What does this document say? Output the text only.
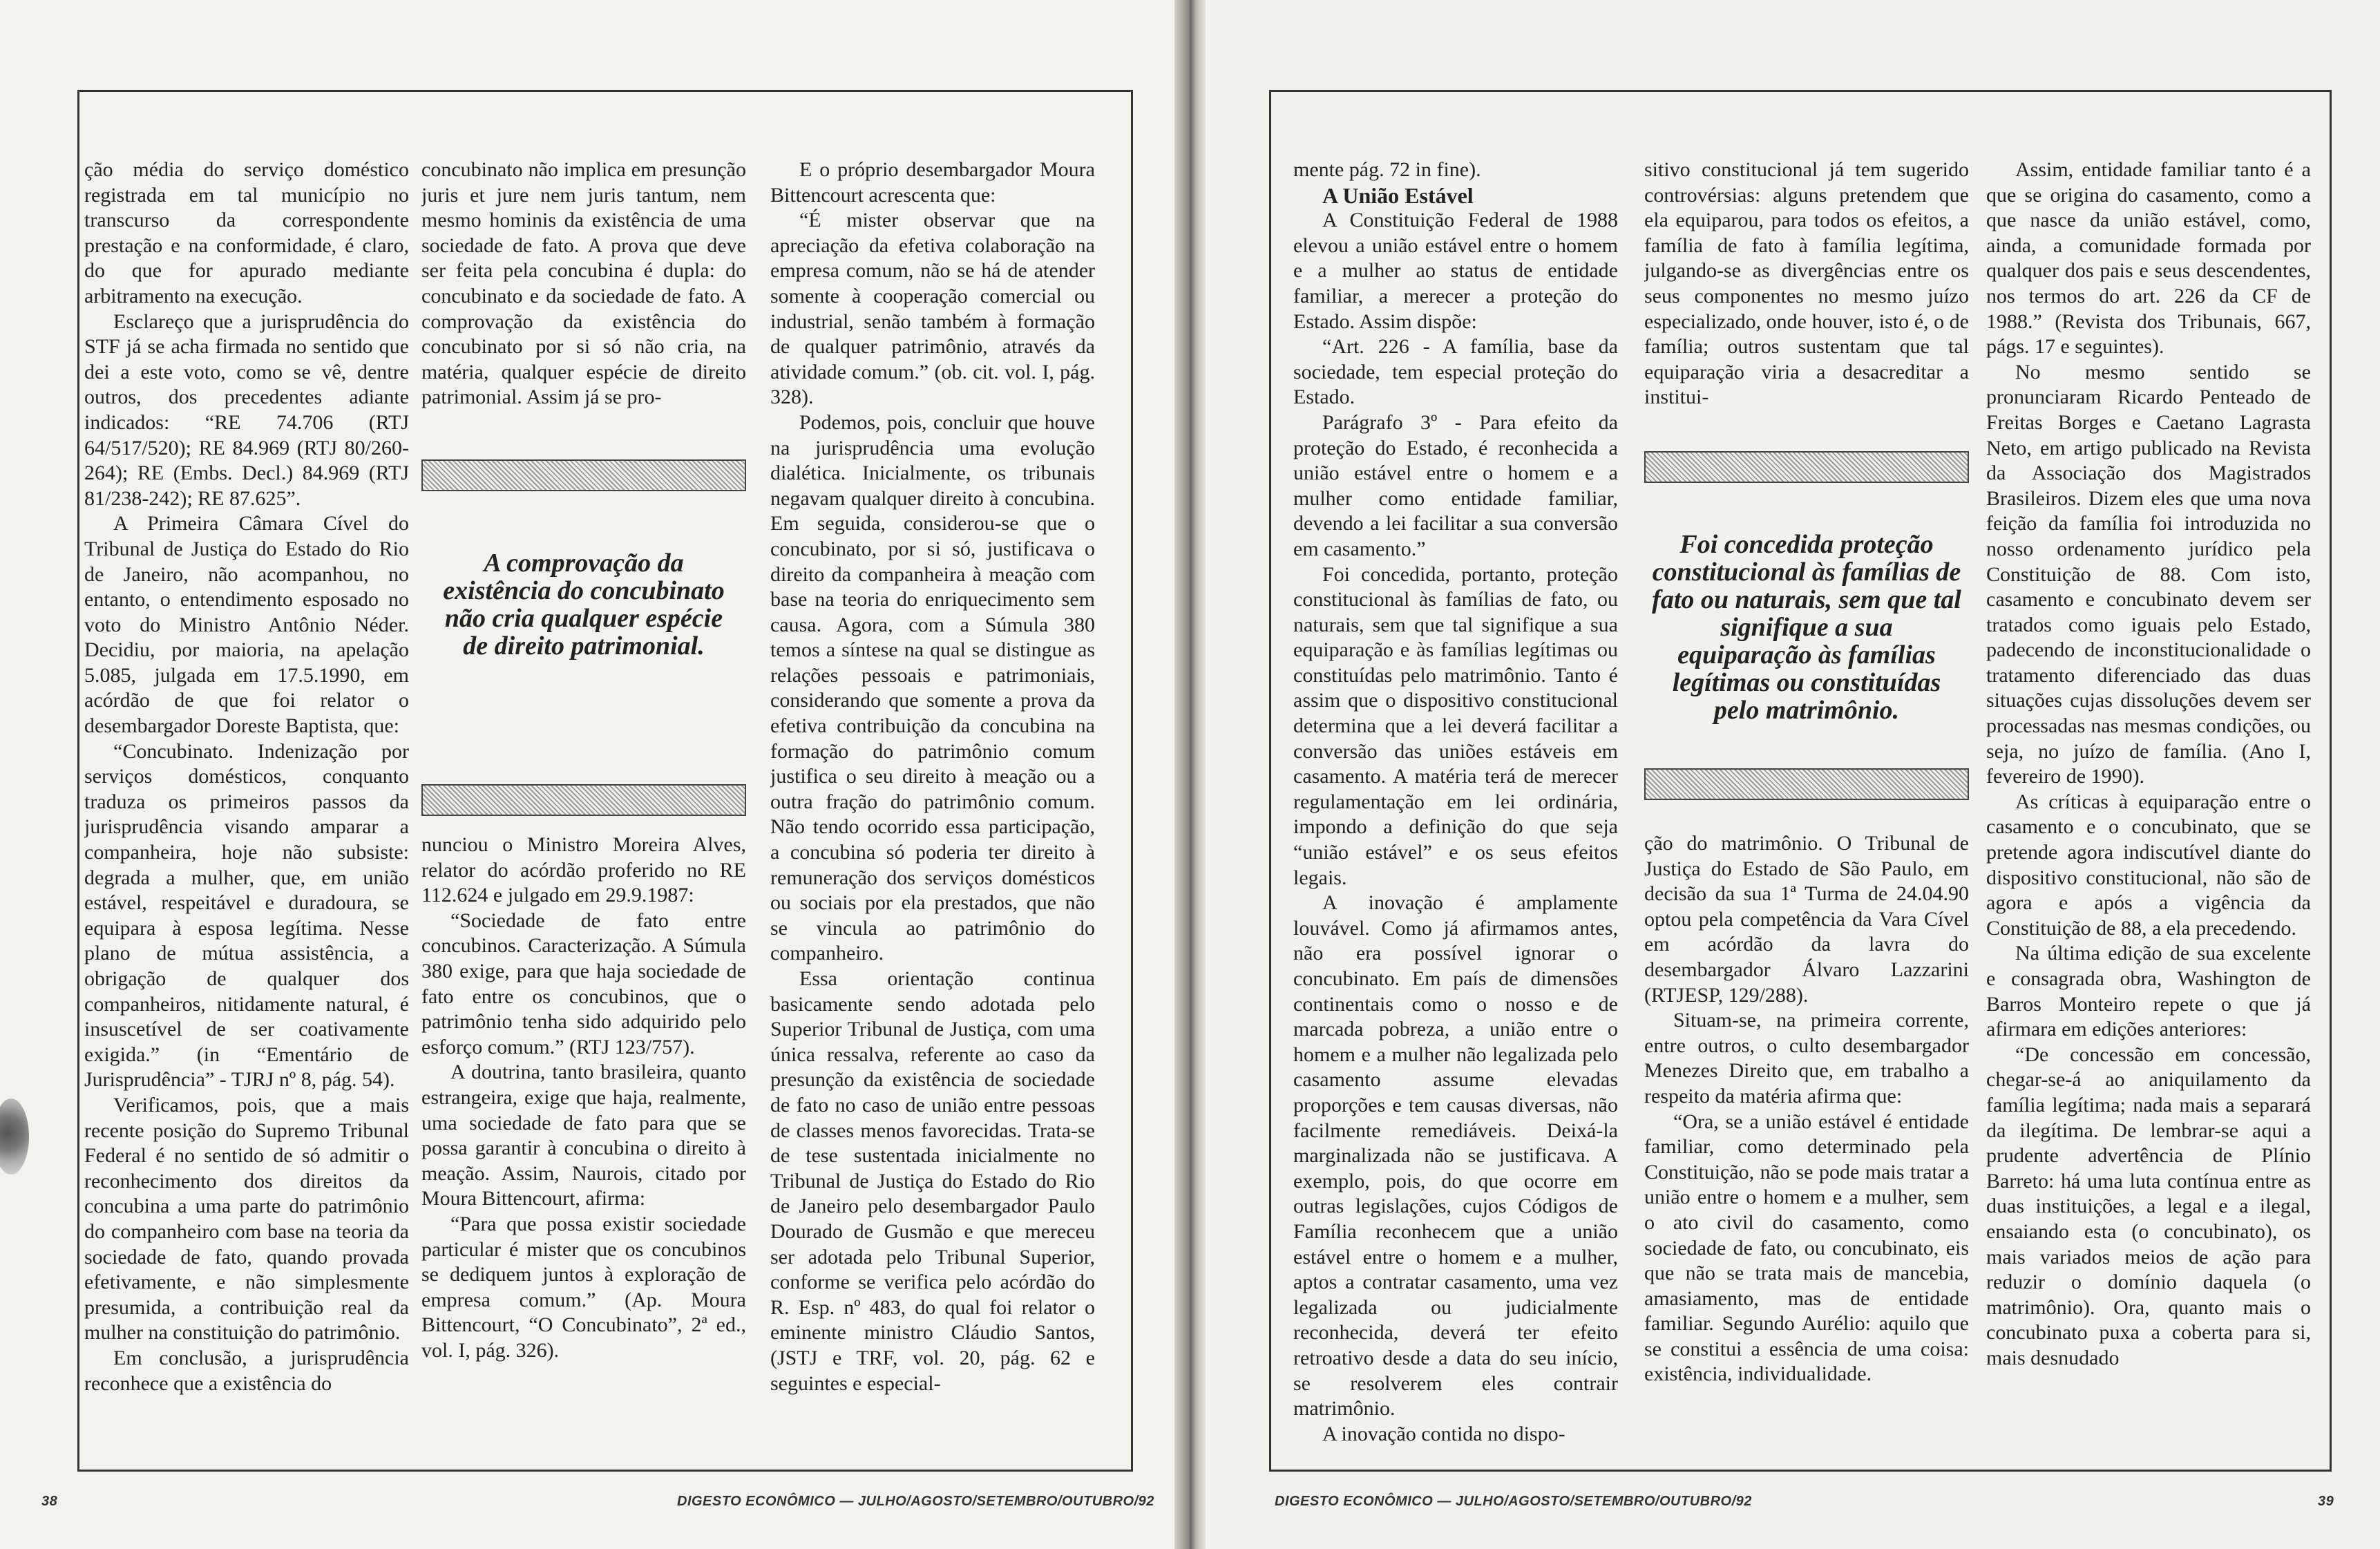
ção média do serviço doméstico registrada em tal município no transcurso da correspondente prestação e na conformidade, é claro, do que for apurado mediante arbitramento na execução.

Esclareço que a jurisprudência do STF já se acha firmada no sentido que dei a este voto, como se vê, dentre outros, dos precedentes adiante indicados: “RE 74.706 (RTJ 64/517/520); RE 84.969 (RTJ 80/260-264); RE (Embs. Decl.) 84.969 (RTJ 81/238-242); RE 87.625”.

A Primeira Câmara Cível do Tribunal de Justiça do Estado do Rio de Janeiro, não acompanhou, no entanto, o entendimento esposado no voto do Ministro Antônio Néder. Decidiu, por maioria, na apelação 5.085, julgada em 17.5.1990, em acórdão de que foi relator o desembargador Doreste Baptista, que:

“Concubinato. Indenização por serviços domésticos, conquanto traduza os primeiros passos da jurisprudência visando amparar a companheira, hoje não subsiste: degrada a mulher, que, em união estável, respeitável e duradoura, se equipara à esposa legítima. Nesse plano de mútua assistência, a obrigação de qualquer dos companheiros, nitidamente natural, é insuscetível de ser coativamente exigida.” (in “Ementário de Jurisprudência” - TJRJ nº 8, pág. 54).

Verificamos, pois, que a mais recente posição do Supremo Tribunal Federal é no sentido de só admitir o reconhecimento dos direitos da concubina a uma parte do patrimônio do companheiro com base na teoria da sociedade de fato, quando provada efetivamente, e não simplesmente presumida, a contribuição real da mulher na constituição do patrimônio.

Em conclusão, a jurisprudência reconhece que a existência do

concubinato não implica em presunção juris et jure nem juris tantum, nem mesmo hominis da existência de uma sociedade de fato. A prova que deve ser feita pela concubina é dupla: do concubinato e da sociedade de fato. A comprovação da existência do concubinato por si só não cria, na matéria, qualquer espécie de direito patrimonial. Assim já se pro-

A comprovação da existência do concubinato não cria qualquer espécie de direito patrimonial.

nunciou o Ministro Moreira Alves, relator do acórdão proferido no RE 112.624 e julgado em 29.9.1987:

“Sociedade de fato entre concubinos. Caracterização. A Súmula 380 exige, para que haja sociedade de fato entre os concubinos, que o patrimônio tenha sido adquirido pelo esforço comum.” (RTJ 123/757).

A doutrina, tanto brasileira, quanto estrangeira, exige que haja, realmente, uma sociedade de fato para que se possa garantir à concubina o direito à meação. Assim, Naurois, citado por Moura Bittencourt, afirma:

“Para que possa existir sociedade particular é mister que os concubinos se dediquem juntos à exploração de empresa comum.” (Ap. Moura Bittencourt, “O Concubinato”, 2ª ed., vol. I, pág. 326).

E o próprio desembargador Moura Bittencourt acrescenta que:

“É mister observar que na apreciação da efetiva colaboração na empresa comum, não se há de atender somente à cooperação comercial ou industrial, senão também à formação de qualquer patrimônio, através da atividade comum.” (ob. cit. vol. I, pág. 328).

Podemos, pois, concluir que houve na jurisprudência uma evolução dialética. Inicialmente, os tribunais negavam qualquer direito à concubina. Em seguida, considerou-se que o concubinato, por si só, justificava o direito da companheira à meação com base na teoria do enriquecimento sem causa. Agora, com a Súmula 380 temos a síntese na qual se distingue as relações pessoais e patrimoniais, considerando que somente a prova da efetiva contribuição da concubina na formação do patrimônio comum justifica o seu direito à meação ou a outra fração do patrimônio comum. Não tendo ocorrido essa participação, a concubina só poderia ter direito à remuneração dos serviços domésticos ou sociais por ela prestados, que não se vincula ao patrimônio do companheiro.

Essa orientação continua basicamente sendo adotada pelo Superior Tribunal de Justiça, com uma única ressalva, referente ao caso da presunção da existência de sociedade de fato no caso de união entre pessoas de classes menos favorecidas. Trata-se de tese sustentada inicialmente no Tribunal de Justiça do Estado do Rio de Janeiro pelo desembargador Paulo Dourado de Gusmão e que mereceu ser adotada pelo Tribunal Superior, conforme se verifica pelo acórdão do R. Esp. nº 483, do qual foi relator o eminente ministro Cláudio Santos, (JSTJ e TRF, vol. 20, pág. 62 e seguintes e especial-

38	DIGESTO ECONÔMICO — JULHO/AGOSTO/SETEMBRO/OUTUBRO/92

mente pág. 72 in fine).

A União Estável

A Constituição Federal de 1988 elevou a união estável entre o homem e a mulher ao status de entidade familiar, a merecer a proteção do Estado. Assim dispõe:

“Art. 226 - A família, base da sociedade, tem especial proteção do Estado.

Parágrafo 3º - Para efeito da proteção do Estado, é reconhecida a união estável entre o homem e a mulher como entidade familiar, devendo a lei facilitar a sua conversão em casamento.”

Foi concedida, portanto, proteção constitucional às famílias de fato, ou naturais, sem que tal signifique a sua equiparação e às famílias legítimas ou constituídas pelo matrimônio. Tanto é assim que o dispositivo constitucional determina que a lei deverá facilitar a conversão das uniões estáveis em casamento. A matéria terá de merecer regulamentação em lei ordinária, impondo a definição do que seja “união estável” e os seus efeitos legais.

A inovação é amplamente louvável. Como já afirmamos antes, não era possível ignorar o concubinato. Em país de dimensões continentais como o nosso e de marcada pobreza, a união entre o homem e a mulher não legalizada pelo casamento assume elevadas proporções e tem causas diversas, não facilmente remediáveis. Deixá-la marginalizada não se justificava. A exemplo, pois, do que ocorre em outras legislações, cujos Códigos de Família reconhecem que a união estável entre o homem e a mulher, aptos a contratar casamento, uma vez legalizada ou judicialmente reconhecida, deverá ter efeito retroativo desde a data do seu início, se resolverem eles contrair matrimônio.

A inovação contida no dispo-

sitivo constitucional já tem sugerido controvérsias: alguns pretendem que ela equiparou, para todos os efeitos, a família de fato à família legítima, julgando-se as divergências entre os seus componentes no mesmo juízo especializado, onde houver, isto é, o de família; outros sustentam que tal equiparação viria a desacreditar a institui-

Foi concedida proteção constitucional às famílias de fato ou naturais, sem que tal signifique a sua equiparação às famílias legítimas ou constituídas pelo matrimônio.

ção do matrimônio. O Tribunal de Justiça do Estado de São Paulo, em decisão da sua 1ª Turma de 24.04.90 optou pela competência da Vara Cível em acórdão da lavra do desembargador Álvaro Lazzarini (RTJESP, 129/288).

Situam-se, na primeira corrente, entre outros, o culto desembargador Menezes Direito que, em trabalho a respeito da matéria afirma que:

“Ora, se a união estável é entidade familiar, como determinado pela Constituição, não se pode mais tratar a união entre o homem e a mulher, sem o ato civil do casamento, como sociedade de fato, ou concubinato, eis que não se trata mais de mancebia, amasiamento, mas de entidade familiar. Segundo Aurélio: aquilo que se constitui a essência de uma coisa: existência, individualidade.

Assim, entidade familiar tanto é a que se origina do casamento, como a que nasce da união estável, como, ainda, a comunidade formada por qualquer dos pais e seus descendentes, nos termos do art. 226 da CF de 1988.” (Revista dos Tribunais, 667, págs. 17 e seguintes).

No mesmo sentido se pronunciaram Ricardo Penteado de Freitas Borges e Caetano Lagrasta Neto, em artigo publicado na Revista da Associação dos Magistrados Brasileiros. Dizem eles que uma nova feição da família foi introduzida no nosso ordenamento jurídico pela Constituição de 88. Com isto, casamento e concubinato devem ser tratados como iguais pelo Estado, padecendo de inconstitucionalidade o tratamento diferenciado das duas situações cujas dissoluções devem ser processadas nas mesmas condições, ou seja, no juízo de família. (Ano I, fevereiro de 1990).

As críticas à equiparação entre o casamento e o concubinato, que se pretende agora indiscutível diante do dispositivo constitucional, não são de agora e após a vigência da Constituição de 88, a ela precedendo.

Na última edição de sua excelente e consagrada obra, Washington de Barros Monteiro repete o que já afirmara em edições anteriores:

“De concessão em concessão, chegar-se-á ao aniquilamento da família legítima; nada mais a separará da ilegítima. De lembrar-se aqui a prudente advertência de Plínio Barreto: há uma luta contínua entre as duas instituições, a legal e a ilegal, ensaiando esta (o concubinato), os mais variados meios de ação para reduzir o domínio daquela (o matrimônio). Ora, quanto mais o concubinato puxa a coberta para si, mais desnudado

DIGESTO ECONÔMICO — JULHO/AGOSTO/SETEMBRO/OUTUBRO/92	39
